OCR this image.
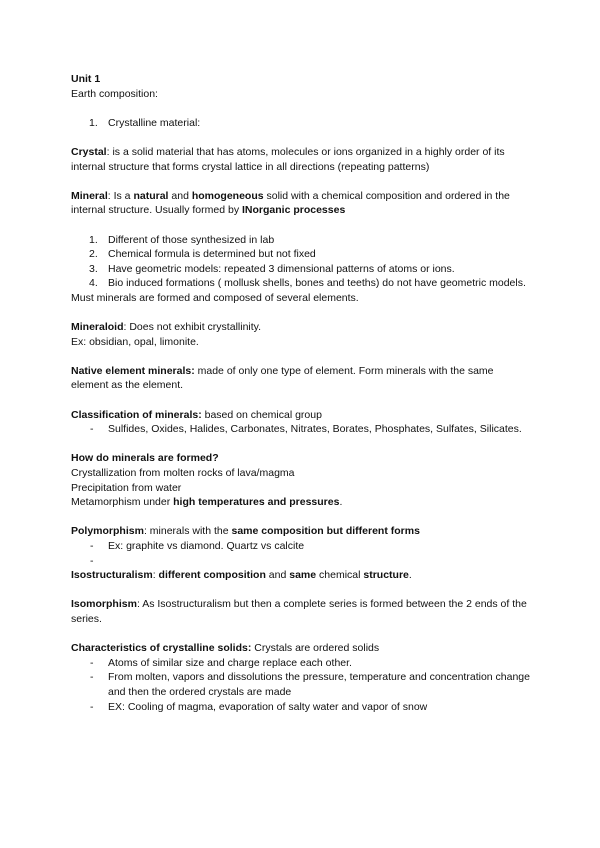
Unit 1

Earth composition:

1. Crystalline material:

Crystal: is a solid material that has atoms, molecules or ions organized in a highly order of its internal structure that forms crystal lattice in all directions (repeating patterns)

Mineral: Is a natural and homogeneous solid with a chemical composition and ordered in the internal structure. Usually formed by INorganic processes

1. Different of those synthesized in lab
2. Chemical formula is determined but not fixed
3. Have geometric models: repeated 3 dimensional patterns of atoms or ions.
4. Bio induced formations ( mollusk shells, bones and teeths) do not have geometric models.

Must minerals are formed and composed of several elements.

Mineraloid: Does not exhibit crystallinity.

Ex: obsidian, opal, limonite.

Native element minerals: made of only one type of element. Form minerals with the same element as the element.

Classification of minerals: based on chemical group

- Sulfides, Oxides, Halides, Carbonates, Nitrates, Borates, Phosphates, Sulfates, Silicates.

How do minerals are formed?

Crystallization from molten rocks of lava/magma

Precipitation from water

Metamorphism under high temperatures and pressures.

Polymorphism: minerals with the same composition but different forms

- Ex: graphite vs diamond. Quartz vs calcite
-

Isostructuralism: different composition and same chemical structure.

Isomorphism: As Isostructuralism but then a complete series is formed between the 2 ends of the series.

Characteristics of crystalline solids: Crystals are ordered solids

- Atoms of similar size and charge replace each other.
- From molten, vapors and dissolutions the pressure, temperature and concentration change and then the ordered crystals are made
- EX: Cooling of magma, evaporation of salty water and vapor of snow
